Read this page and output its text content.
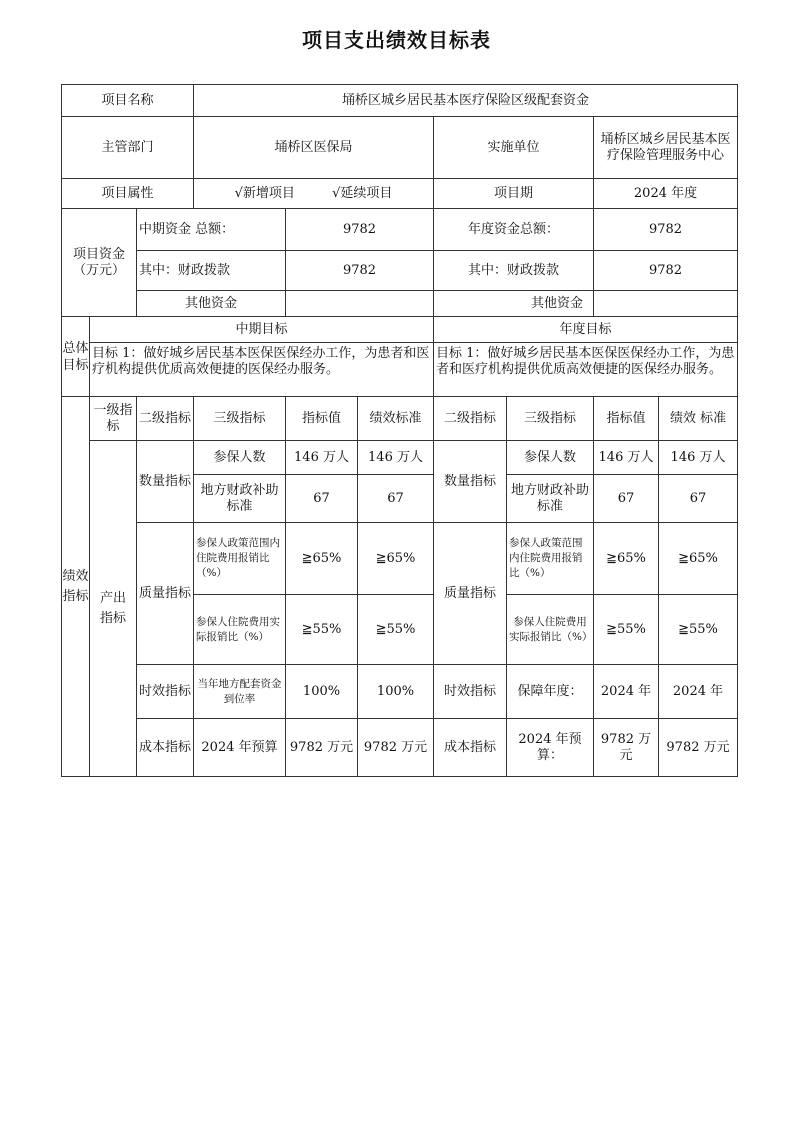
项目支出绩效目标表
项目名称			埇桥区城乡居民基本医疗保险区级配套资金						
主管部门			埇桥区医保局			实施单位		埇桥区城乡居民基本医疗保险管理服务中心	
项目属性			√新增项目 √延续项目			项目期		2024 年度	
项目资金（万元）		中期资金 总额：		9782		年度资金总额：		9782	
		其中：财政拨款		9782		其中：财政拨款		9782	
		其他资金				其他资金			
总体目标	中期目标					年度目标			
	目标 1：做好城乡居民基本医保医保经办工作，为患者和医疗机构提供优质高效便捷的医保经办服务。					目标 1：做好城乡居民基本医保医保经办工作，为患者和医疗机构提供优质高效便捷的医保经办服务。			
绩效指标	一级指标	二级指标	三级指标	指标值	绩效标准	二级指标	三级指标	指标值	绩效 标准
	产出指标	数量指标	参保人数	146 万人	146 万人	数量指标	参保人数	146 万人	146 万人
			地方财政补助标准	67	67		地方财政补助标准	67	67
		质量指标	参保人政策范围内住院费用报销比（%）	≧65%	≧65%	质量指标	参保人政策范围内住院费用报销比（%）	≧65%	≧65%
			参保人住院费用实际报销比（%）	≧55%	≧55%		参保人住院费用实际报销比（%）	≧55%	≧55%
		时效指标	当年地方配套资金到位率	100%	100%	时效指标	保障年度：	2024 年	2024 年
		成本指标	2024 年预算	9782 万元	9782 万元	成本指标	2024 年预算：	9782 万元	9782 万元
